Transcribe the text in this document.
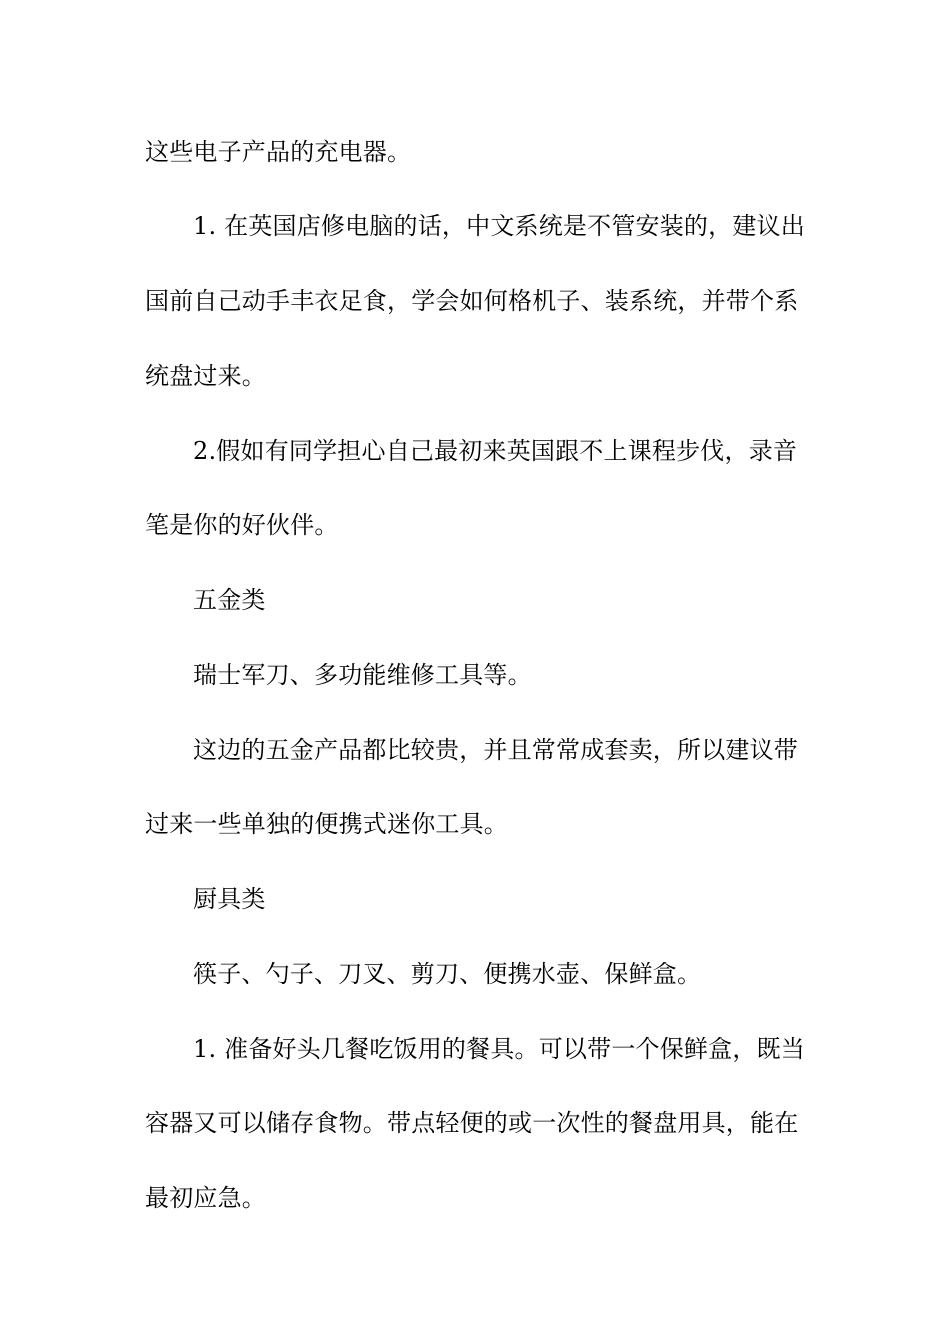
这些电子产品的充电器。
1. 在英国店修电脑的话，中文系统是不管安装的，建议出
国前自己动手丰衣足食，学会如何格机子、装系统，并带个系
统盘过来。
2.假如有同学担心自己最初来英国跟不上课程步伐，录音
笔是你的好伙伴。
五金类
瑞士军刀、多功能维修工具等。
这边的五金产品都比较贵，并且常常成套卖，所以建议带
过来一些单独的便携式迷你工具。
厨具类
筷子、勺子、刀叉、剪刀、便携水壶、保鲜盒。
1. 准备好头几餐吃饭用的餐具。可以带一个保鲜盒，既当
容器又可以储存食物。带点轻便的或一次性的餐盘用具，能在
最初应急。
